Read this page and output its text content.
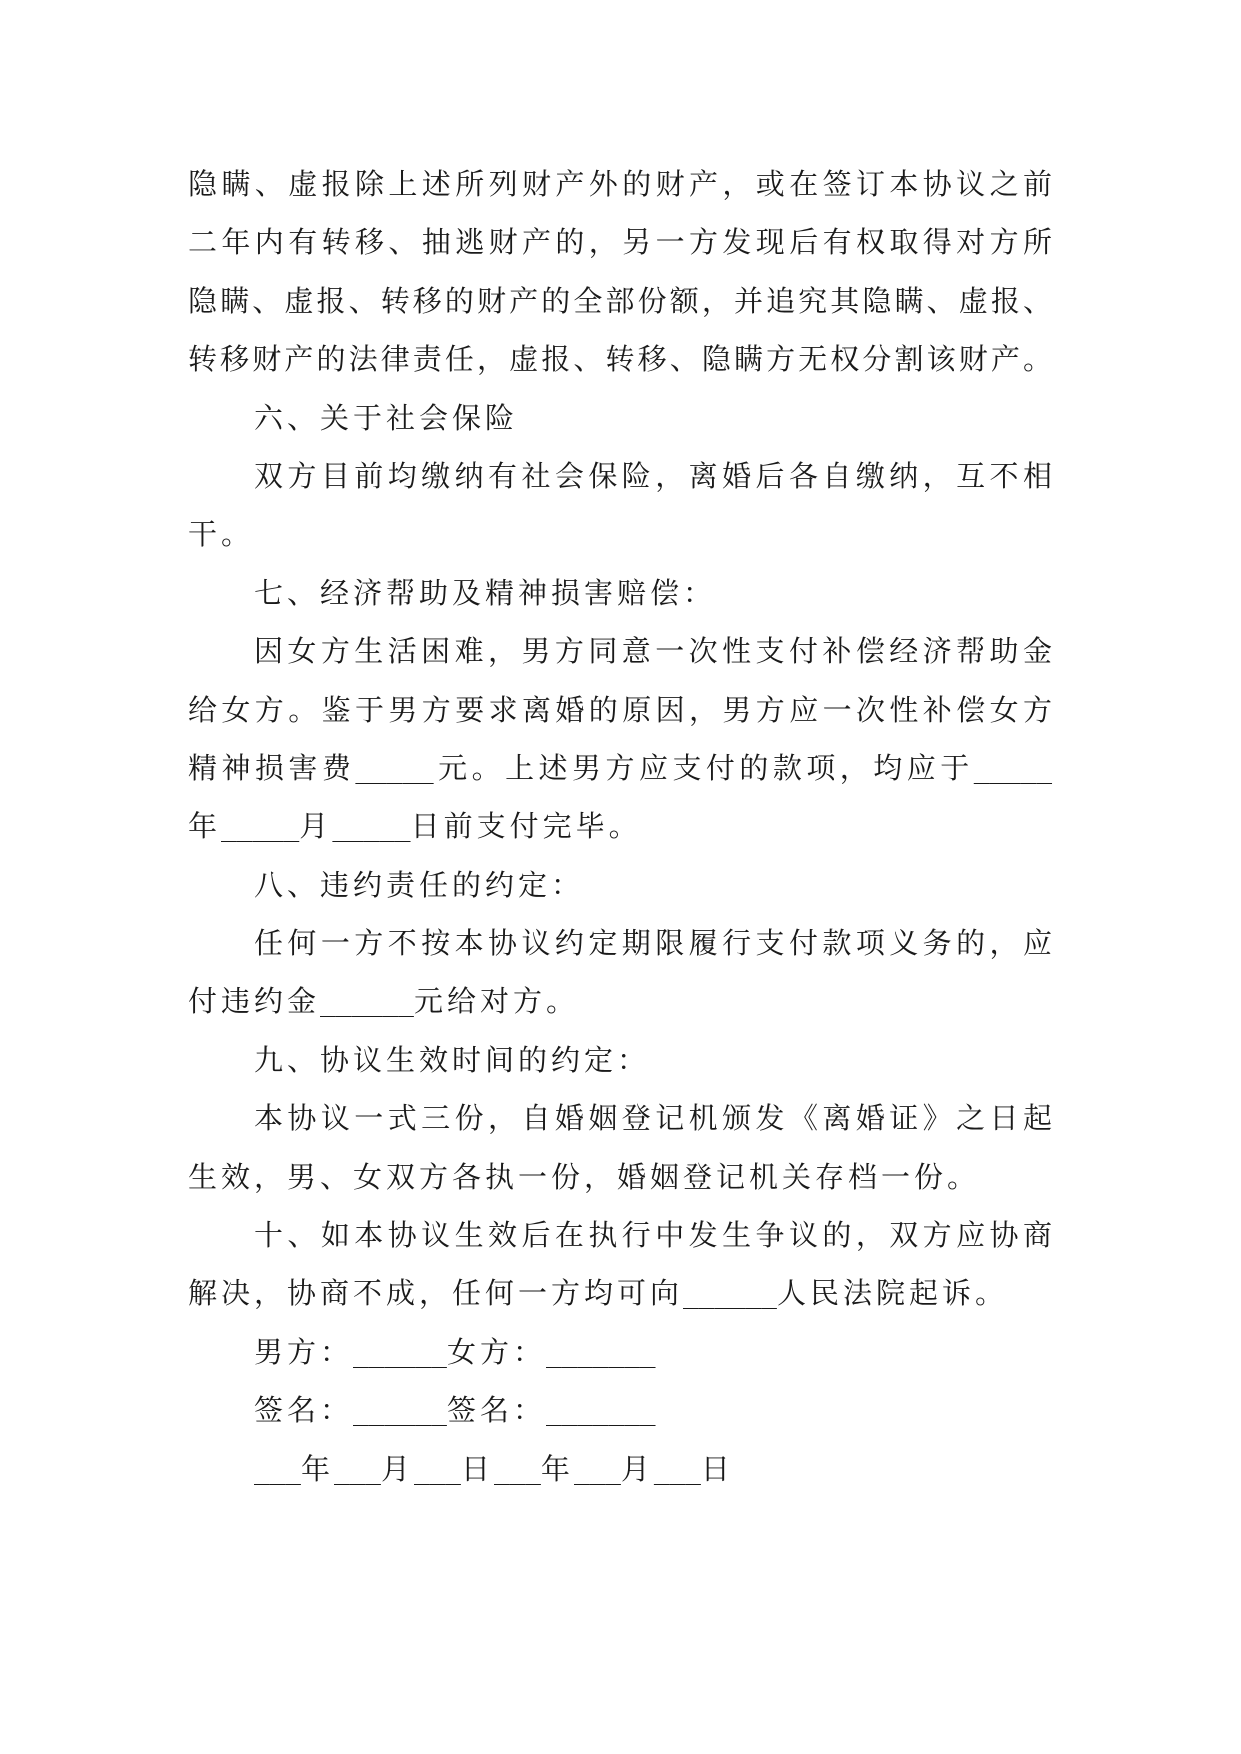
隐瞒、虚报除上述所列财产外的财产，或在签订本协议之前
二年内有转移、抽逃财产的，另一方发现后有权取得对方所
隐瞒、虚报、转移的财产的全部份额，并追究其隐瞒、虚报、
转移财产的法律责任，虚报、转移、隐瞒方无权分割该财产。
六、关于社会保险
双方目前均缴纳有社会保险，离婚后各自缴纳，互不相
干。
七、经济帮助及精神损害赔偿：
因女方生活困难，男方同意一次性支付补偿经济帮助金
给女方。鉴于男方要求离婚的原因，男方应一次性补偿女方
精神损害费_____元。上述男方应支付的款项，均应于_____
年_____月_____日前支付完毕。
八、违约责任的约定：
任何一方不按本协议约定期限履行支付款项义务的，应
付违约金______元给对方。
九、协议生效时间的约定：
本协议一式三份，自婚姻登记机颁发《离婚证》之日起
生效，男、女双方各执一份，婚姻登记机关存档一份。
十、如本协议生效后在执行中发生争议的，双方应协商
解决，协商不成，任何一方均可向______人民法院起诉。
男方：______女方：_______
签名：______签名：_______
___年___月___日___年___月___日
